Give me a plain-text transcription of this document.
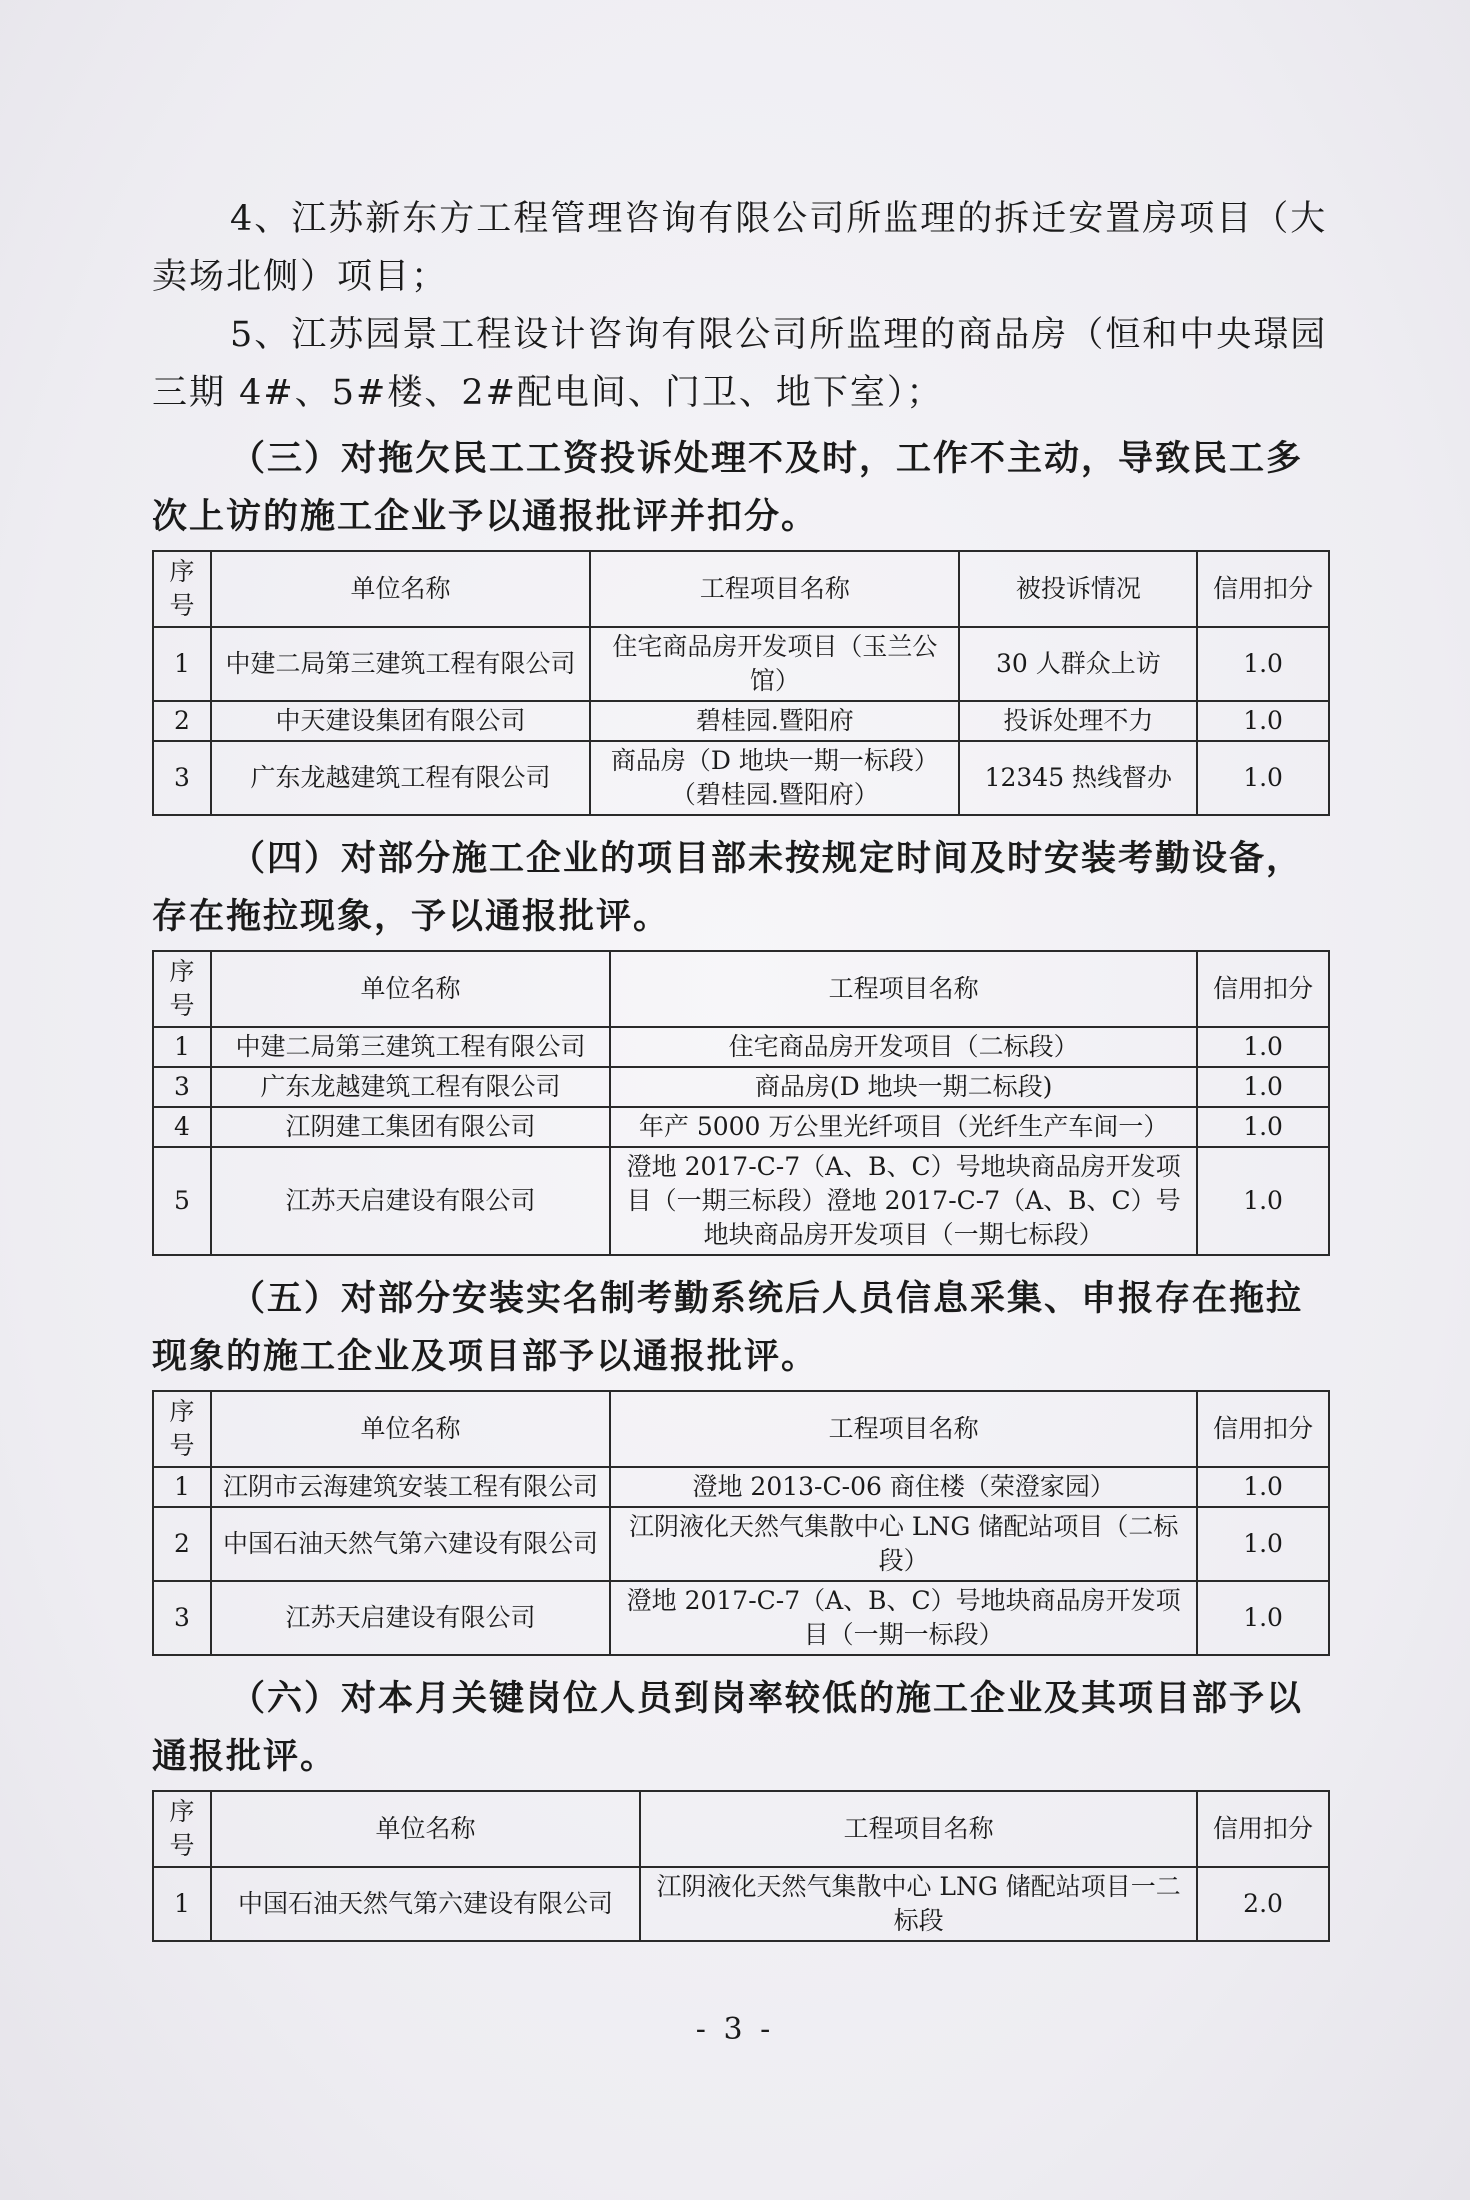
4、江苏新东方工程管理咨询有限公司所监理的拆迁安置房项目（大卖场北侧）项目；

5、江苏园景工程设计咨询有限公司所监理的商品房（恒和中央璟园三期 4#、5#楼、2#配电间、门卫、地下室）；

（三）对拖欠民工工资投诉处理不及时，工作不主动，导致民工多次上访的施工企业予以通报批评并扣分。

序号	单位名称	工程项目名称	被投诉情况	信用扣分
1	中建二局第三建筑工程有限公司	住宅商品房开发项目（玉兰公馆）	30 人群众上访	1.0
2	中天建设集团有限公司	碧桂园.暨阳府	投诉处理不力	1.0
3	广东龙越建筑工程有限公司	商品房（D 地块一期一标段）（碧桂园.暨阳府）	12345 热线督办	1.0

（四）对部分施工企业的项目部未按规定时间及时安装考勤设备，存在拖拉现象，予以通报批评。

序号	单位名称	工程项目名称	信用扣分
1	中建二局第三建筑工程有限公司	住宅商品房开发项目（二标段）	1.0
3	广东龙越建筑工程有限公司	商品房(D 地块一期二标段)	1.0
4	江阴建工集团有限公司	年产 5000 万公里光纤项目（光纤生产车间一）	1.0
5	江苏天启建设有限公司	澄地 2017-C-7（A、B、C）号地块商品房开发项目（一期三标段）澄地 2017-C-7（A、B、C）号地块商品房开发项目（一期七标段）	1.0

（五）对部分安装实名制考勤系统后人员信息采集、申报存在拖拉现象的施工企业及项目部予以通报批评。

序号	单位名称	工程项目名称	信用扣分
1	江阴市云海建筑安装工程有限公司	澄地 2013-C-06 商住楼（荣澄家园）	1.0
2	中国石油天然气第六建设有限公司	江阴液化天然气集散中心 LNG 储配站项目（二标段）	1.0
3	江苏天启建设有限公司	澄地 2017-C-7（A、B、C）号地块商品房开发项目（一期一标段）	1.0

（六）对本月关键岗位人员到岗率较低的施工企业及其项目部予以通报批评。

序号	单位名称	工程项目名称	信用扣分
1	中国石油天然气第六建设有限公司	江阴液化天然气集散中心 LNG 储配站项目一二标段	2.0
- 3 -
